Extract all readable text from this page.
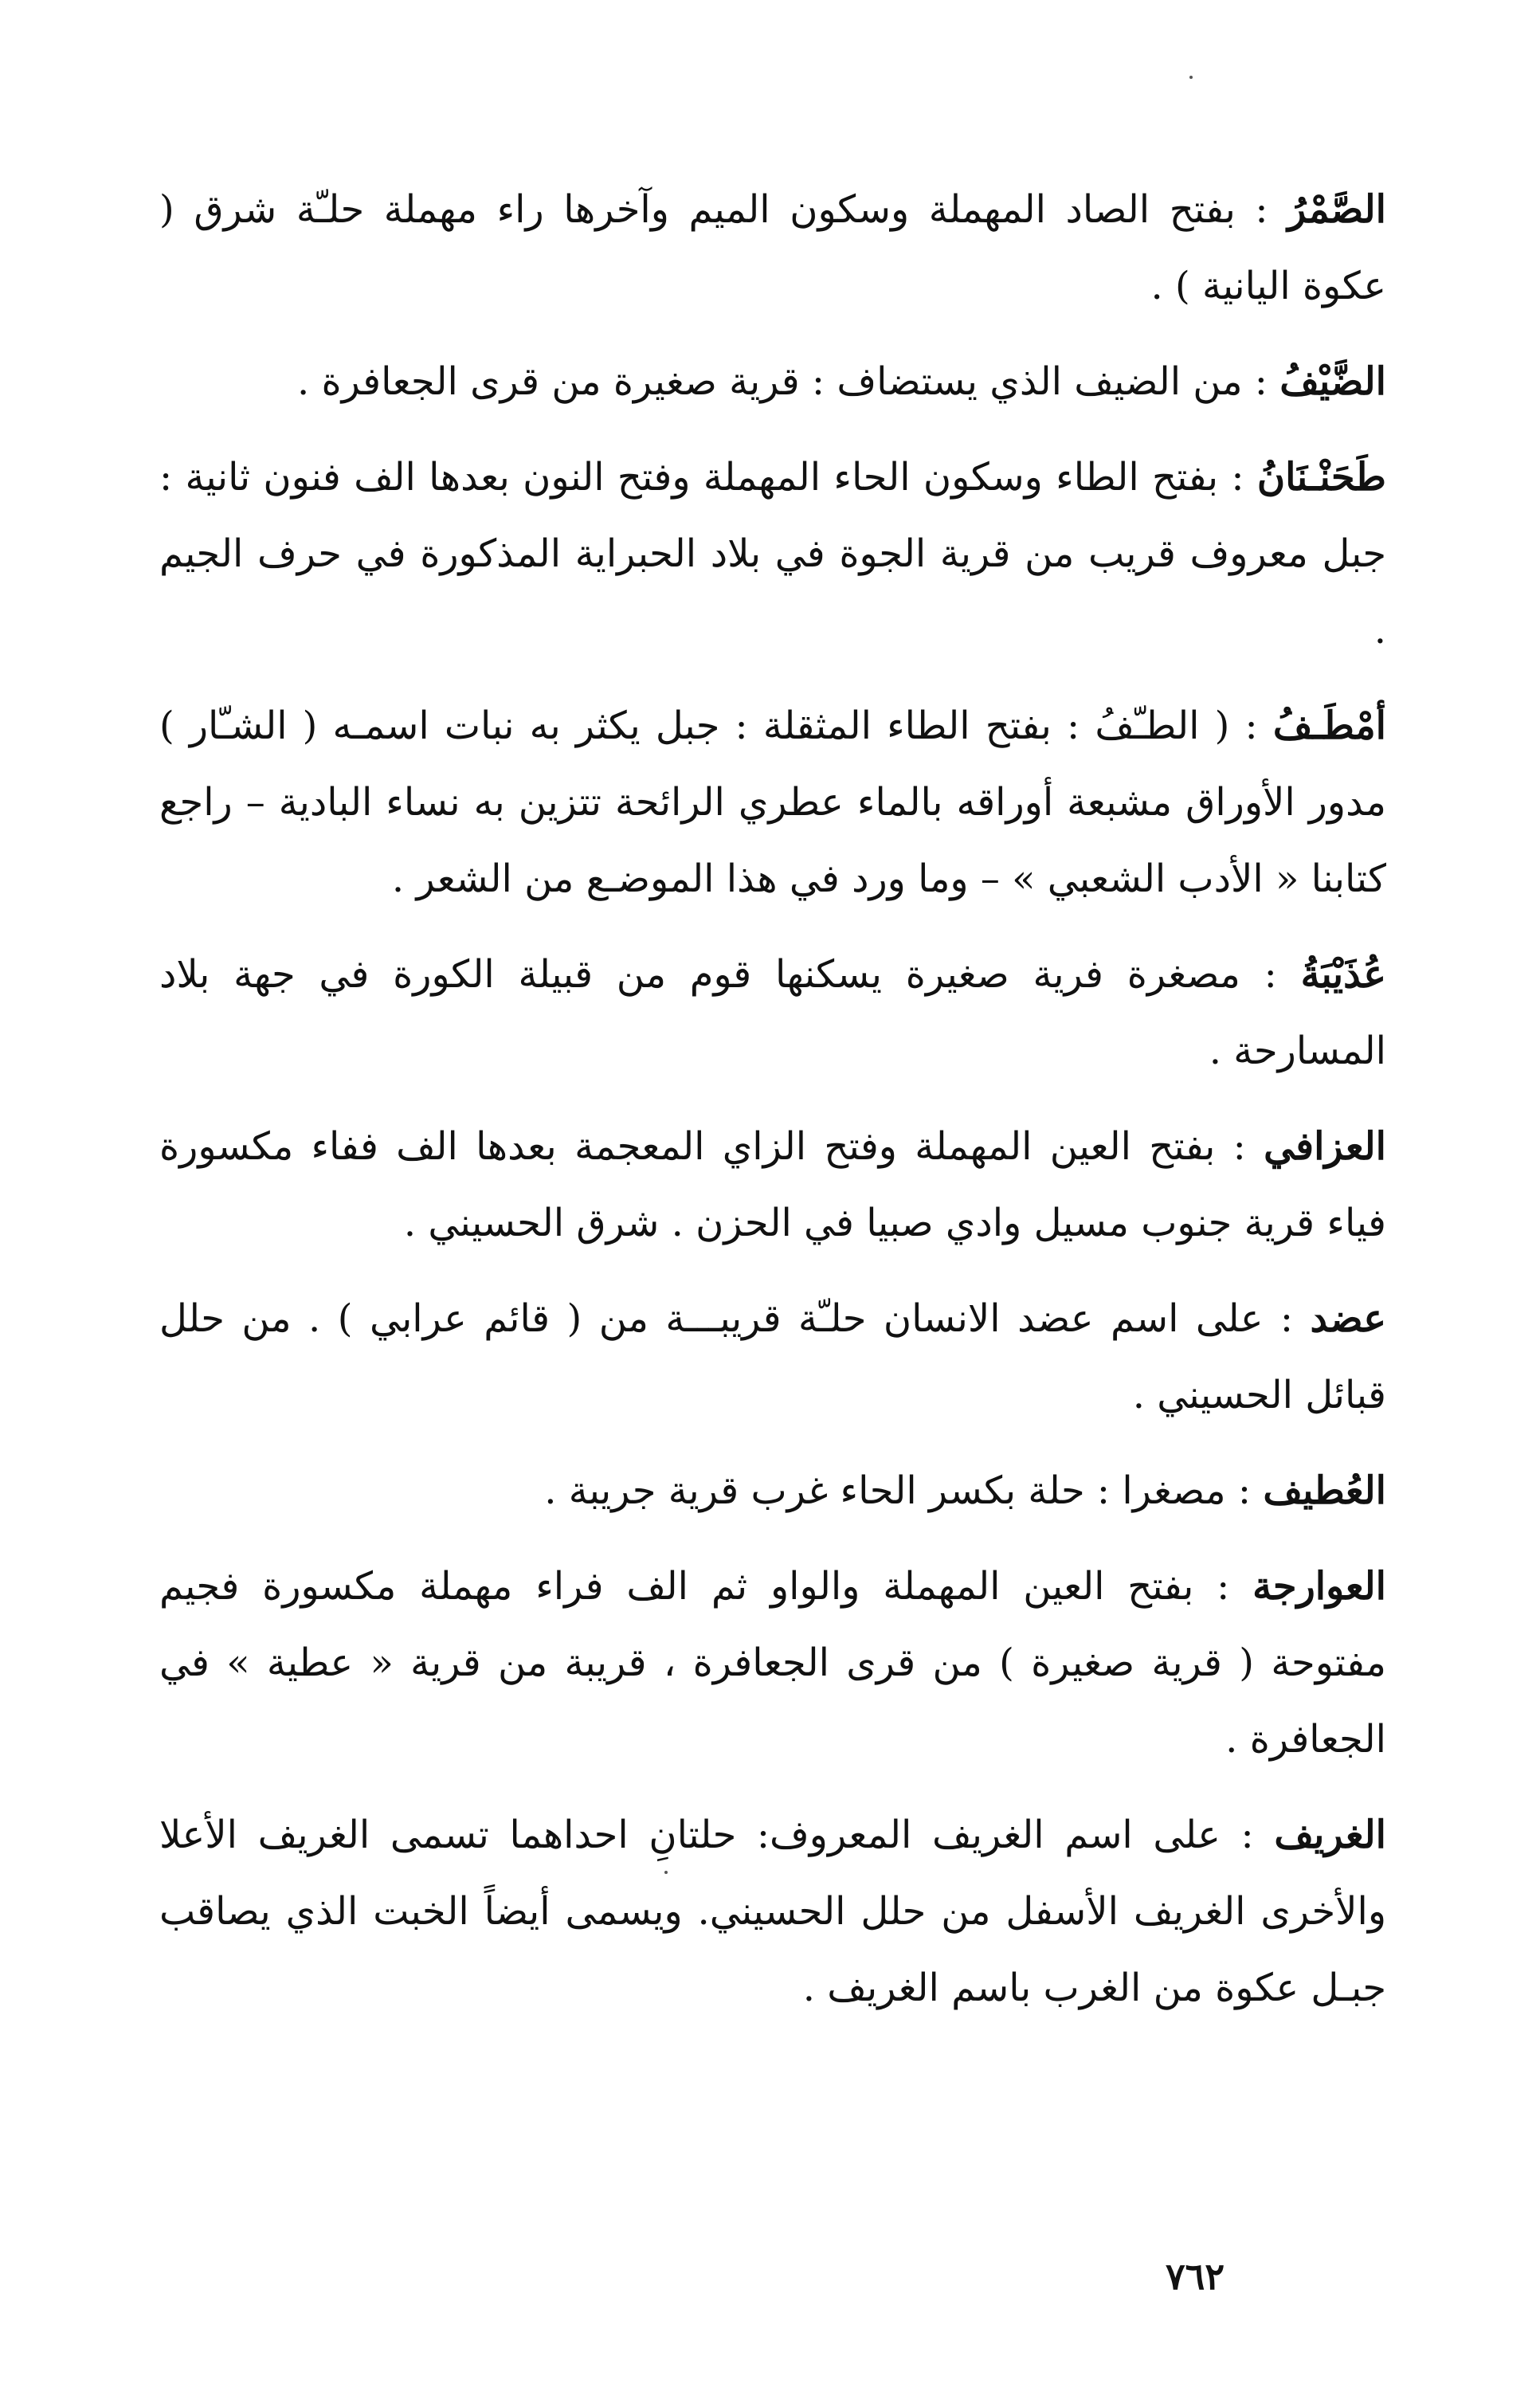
الصَّمْرُ : بفتح الصاد المهملة وسكون الميم وآخرها راء مهملة حلـّة شرق ( عكوة اليانية ) .

الضَّيْفُ : من الضيف الذي يستضاف : قرية صغيرة من قرى الجعافرة .

طَحَنْـنَانُ : بفتح الطاء وسكون الحاء المهملة وفتح النون بعدها الف فنون ثانية : جبل معروف قريب من قرية الجوة في بلاد الحبراية المذكورة في حرف الجيم .

أمْطَـفُ : ( الطـّفُ : بفتح الطاء المثقلة : جبل يكثر به نبات اسمـه ( الشـّار ) مدور الأوراق مشبعة أوراقه بالماء عطري الرائحة تتزين به نساء البادية – راجع كتابنا « الأدب الشعبي » – وما ورد في هذا الموضـع من الشعر .

عُذَيْبَةُ : مصغرة فرية صغيرة يسكنها قوم من قبيلة الكورة في جهة بلاد المسارحة .

العزافي : بفتح العين المهملة وفتح الزاي المعجمة بعدها الف ففاء مكسورة فياء قرية جنوب مسيل وادي صبيا في الحزن . شرق الحسيني .

عضد : على اسم عضد الانسان حلـّة قريبـــة من ( قائم عرابي ) . من حلل قبائل الحسيني .

العُطيف : مصغرا : حلة بكسر الحاء غرب قرية جريبة .

العوارجة : بفتح العين المهملة والواو ثم الف فراء مهملة مكسورة فجيم مفتوحة ( قرية صغيرة ) من قرى الجعافرة ، قريبة من قرية « عطية » في الجعافرة .

الغريف : على اسم الغريف المعروف: حلتانِ احداهما تسمى الغريف الأعلا والأخرى الغريف الأسفل من حلل الحسيني. ويسمى أيضاً الخبت الذي يصاقب جبـل عكوة من الغرب باسم الغريف .

٧٦٢
